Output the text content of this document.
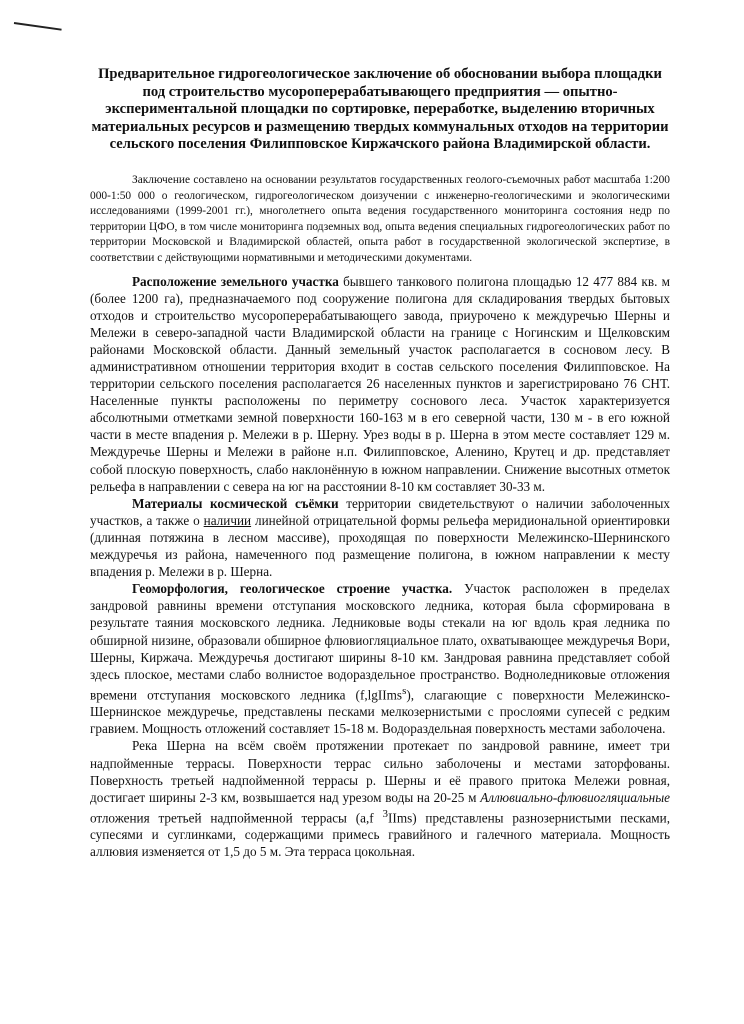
Предварительное гидрогеологическое заключение об обосновании выбора площадки под строительство мусороперерабатывающего предприятия — опытно-экспериментальной площадки по сортировке, переработке, выделению вторичных материальных ресурсов и размещению твердых коммунальных отходов на территории сельского поселения Филипповское Киржачского района Владимирской области.

Заключение составлено на основании результатов государственных геолого-съемочных работ масштаба 1:200 000-1:50 000 о геологическом, гидрогеологическом доизучении с инженерно-геологическими и экологическими исследованиями (1999-2001 гг.), многолетнего опыта ведения государственного мониторинга состояния недр по территории ЦФО, в том числе мониторинга подземных вод, опыта ведения специальных гидрогеологических работ по территории Московской и Владимирской областей, опыта работ в государственной экологической экспертизе, в соответствии с действующими нормативными и методическими документами.

Расположение земельного участка бывшего танкового полигона площадью 12 477 884 кв. м (более 1200 га), предназначаемого под сооружение полигона для складирования твердых бытовых отходов и строительство мусороперерабатывающего завода, приурочено к междуречью Шерны и Мележи в северо-западной части Владимирской области на границе с Ногинским и Щелковским районами Московской области. Данный земельный участок располагается в сосновом лесу. В административном отношении территория входит в состав сельского поселения Филипповское. На территории сельского поселения располагается 26 населенных пунктов и зарегистрировано 76 СНТ. Населенные пункты расположены по периметру соснового леса. Участок характеризуется абсолютными отметками земной поверхности 160-163 м в его северной части, 130 м - в его южной части в месте впадения р. Мележи в р. Шерну. Урез воды в р. Шерна в этом месте составляет 129 м. Междуречье Шерны и Мележи в районе н.п. Филипповское, Аленино, Крутец и др. представляет собой плоскую поверхность, слабо наклонённую в южном направлении. Снижение высотных отметок рельефа в направлении с севера на юг на расстоянии 8-10 км составляет 30-33 м.

Материалы космической съёмки территории свидетельствуют о наличии заболоченных участков, а также о наличии линейной отрицательной формы рельефа меридиональной ориентировки (длинная потяжина в лесном массиве), проходящая по поверхности Мележинско-Шернинского междуречья из района, намеченного под размещение полигона, в южном направлении к месту впадения р. Мележи в р. Шерна.

Геоморфология, геологическое строение участка. Участок расположен в пределах зандровой равнины времени отступания московского ледника, которая была сформирована в результате таяния московского ледника. Ледниковые воды стекали на юг вдоль края ледника по обширной низине, образовали обширное флювиогляциальное плато, охватывающее междуречья Вори, Шерны, Киржача. Междуречья достигают ширины 8-10 км. Зандровая равнина представляет собой здесь плоское, местами слабо волнистое водораздельное пространство. Водноледниковые отложения времени отступания московского ледника (f,lgIIms$^s$), слагающие с поверхности Мележинско-Шернинское междуречье, представлены песками мелкозернистыми с прослоями супесей с редким гравием. Мощность отложений составляет 15-18 м. Водораздельная поверхность местами заболочена.

Река Шерна на всём своём протяжении протекает по зандровой равнине, имеет три надпойменные террасы. Поверхности террас сильно заболочены и местами заторфованы. Поверхность третьей надпойменной террасы р. Шерны и её правого притока Мележи ровная, достигает ширины 2-3 км, возвышается над урезом воды на 20-25 м Аллювиально-флювиогляциальные отложения третьей надпойменной террасы (a,f $^3$IIms) представлены разнозернистыми песками, супесями и суглинками, содержащими примесь гравийного и галечного материала. Мощность аллювия изменяется от 1,5 до 5 м. Эта терраса цокольная.
